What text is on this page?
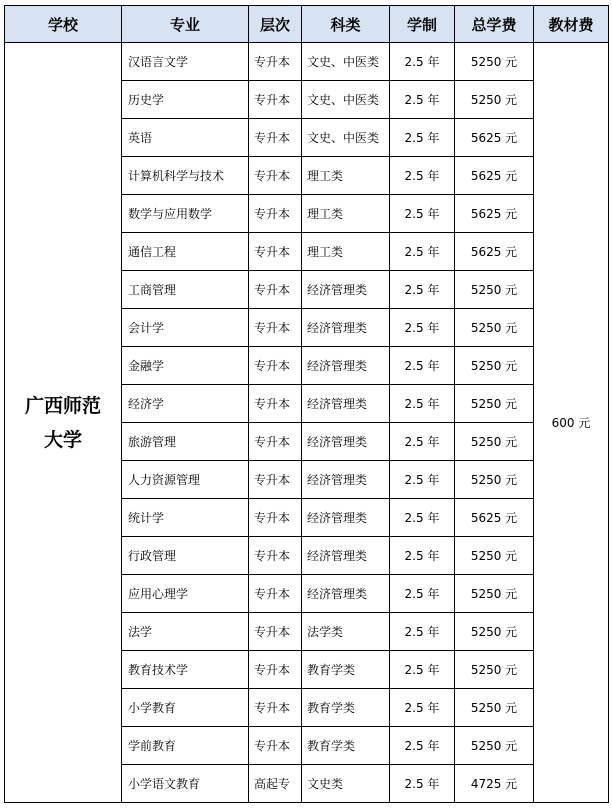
学校	专业	层次	科类	学制	总学费	教材费
广西师范大学	汉语言文学	专升本	文史、中医类	2.5 年	5250 元	600 元
	历史学	专升本	文史、中医类	2.5 年	5250 元	
	英语	专升本	文史、中医类	2.5 年	5625 元	
	计算机科学与技术	专升本	理工类	2.5 年	5625 元	
	数学与应用数学	专升本	理工类	2.5 年	5625 元	
	通信工程	专升本	理工类	2.5 年	5625 元	
	工商管理	专升本	经济管理类	2.5 年	5250 元	
	会计学	专升本	经济管理类	2.5 年	5250 元	
	金融学	专升本	经济管理类	2.5 年	5250 元	
	经济学	专升本	经济管理类	2.5 年	5250 元	
	旅游管理	专升本	经济管理类	2.5 年	5250 元	
	人力资源管理	专升本	经济管理类	2.5 年	5250 元	
	统计学	专升本	经济管理类	2.5 年	5625 元	
	行政管理	专升本	经济管理类	2.5 年	5250 元	
	应用心理学	专升本	经济管理类	2.5 年	5250 元	
	法学	专升本	法学类	2.5 年	5250 元	
	教育技术学	专升本	教育学类	2.5 年	5250 元	
	小学教育	专升本	教育学类	2.5 年	5250 元	
	学前教育	专升本	教育学类	2.5 年	5250 元	
	小学语文教育	高起专	文史类	2.5 年	4725 元	
